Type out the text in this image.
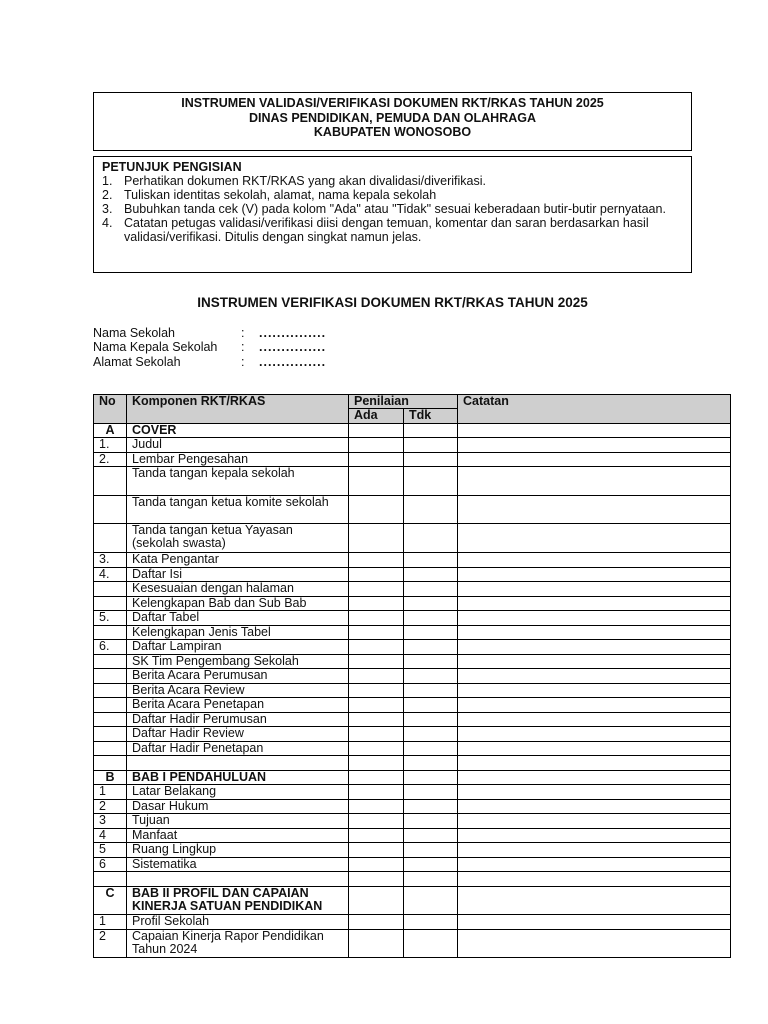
INSTRUMEN VALIDASI/VERIFIKASI DOKUMEN RKT/RKAS TAHUN 2025
DINAS PENDIDIKAN, PEMUDA DAN OLAHRAGA
KABUPATEN WONOSOBO
PETUNJUK PENGISIAN
1. Perhatikan dokumen RKT/RKAS yang akan divalidasi/diverifikasi.
2. Tuliskan identitas sekolah, alamat, nama kepala sekolah
3. Bubuhkan tanda cek (V) pada kolom "Ada" atau "Tidak" sesuai keberadaan butir-butir pernyataan.
4. Catatan petugas validasi/verifikasi diisi dengan temuan, komentar dan saran berdasarkan hasil validasi/verifikasi. Ditulis dengan singkat namun jelas.
INSTRUMEN VERIFIKASI DOKUMEN RKT/RKAS TAHUN 2025
Nama Sekolah	:	...............
Nama Kepala Sekolah	:	...............
Alamat Sekolah	:	...............
No	Komponen RKT/RKAS	Penilaian		Catatan
		Ada	Tdk	
A	COVER			
1.	Judul			
2.	Lembar Pengesahan			
	Tanda tangan kepala sekolah			
	Tanda tangan ketua komite sekolah			
	Tanda tangan ketua Yayasan (sekolah swasta)			
3.	Kata Pengantar			
4.	Daftar Isi			
	Kesesuaian dengan halaman			
	Kelengkapan Bab dan Sub Bab			
5.	Daftar Tabel			
	Kelengkapan Jenis Tabel			
6.	Daftar Lampiran			
	SK Tim Pengembang Sekolah			
	Berita Acara Perumusan			
	Berita Acara Review			
	Berita Acara Penetapan			
	Daftar Hadir Perumusan			
	Daftar Hadir Review			
	Daftar Hadir Penetapan			

B	BAB I PENDAHULUAN			
1	Latar Belakang			
2	Dasar Hukum			
3	Tujuan			
4	Manfaat			
5	Ruang Lingkup			
6	Sistematika			

C	BAB II PROFIL DAN CAPAIAN KINERJA SATUAN PENDIDIKAN			
1	Profil Sekolah			
2	Capaian Kinerja Rapor Pendidikan Tahun 2024			
